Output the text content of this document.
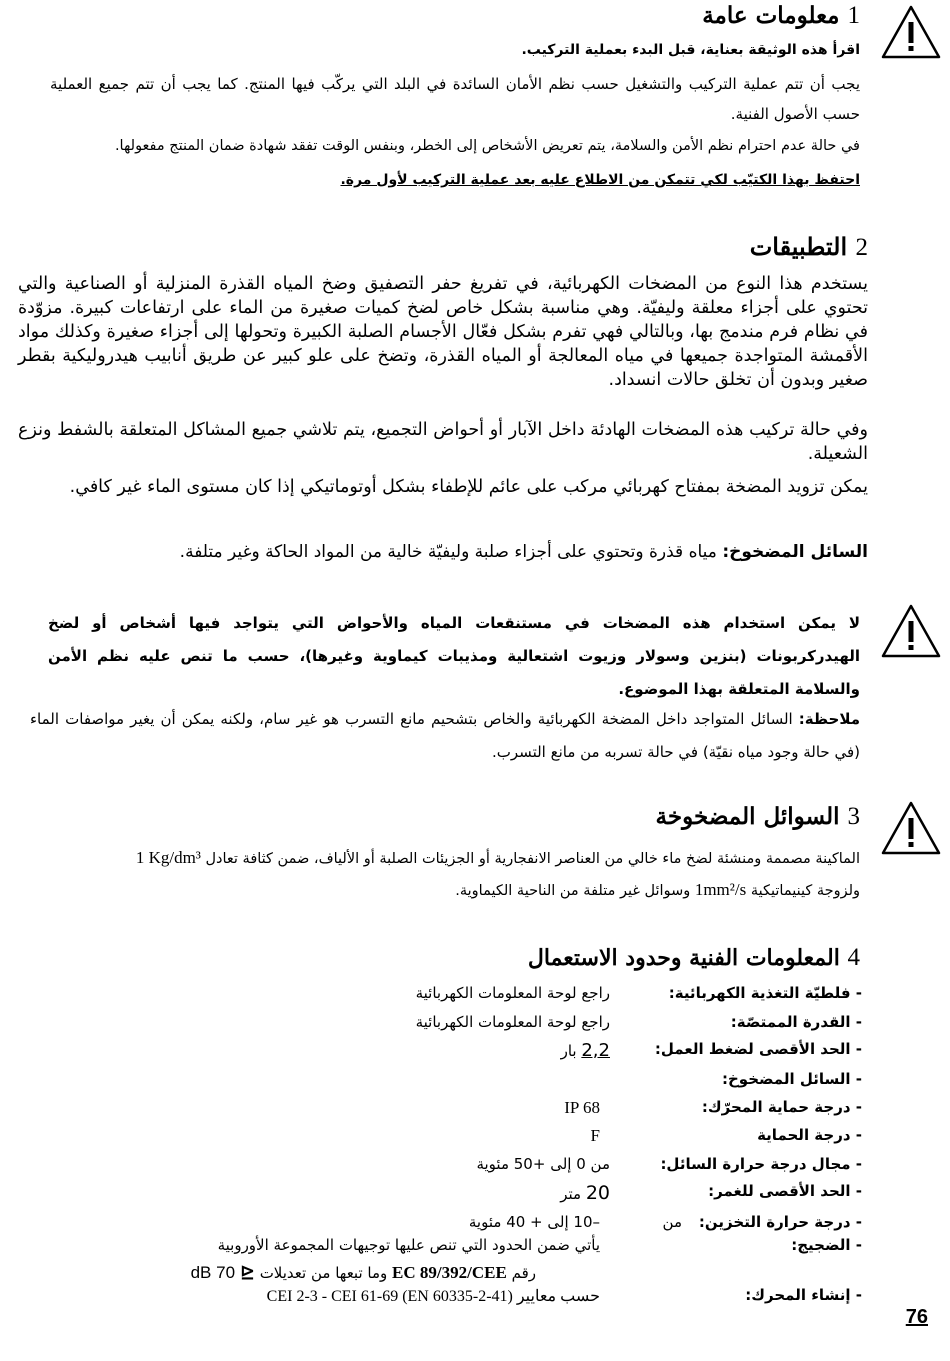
1 معلومات عامة
اقرأ هذه الوثيقة بعناية، قبل البدء بعملية التركيب.
يجب أن تتم عملية التركيب والتشغيل حسب نظم الأمان السائدة في البلد التي يركّب فيها المنتج. كما يجب أن تتم جميع العملية حسب الأصول الفنية.
في حالة عدم احترام نظم الأمن والسلامة، يتم تعريض الأشخاص إلى الخطر، وبنفس الوقت تفقد شهادة ضمان المنتج مفعولها.
احتفظ بهذا الكتيّب لكي تتمكن من الاطلاع عليه بعد عملية التركيب لأول مرة.
2 التطبيقات
يستخدم هذا النوع من المضخات الكهربائية، في تفريغ حفر التصفيق وضخ المياه القذرة المنزلية أو الصناعية والتي تحتوي على أجزاء معلقة وليفيّة. وهي مناسبة بشكل خاص لضخ كميات صغيرة من الماء على ارتفاعات كبيرة. مزوّدة في نظام فرم مندمج بها، وبالتالي فهي تفرم بشكل فعّال الأجسام الصلبة الكبيرة وتحولها إلى أجزاء صغيرة وكذلك مواد الأقمشة المتواجدة جميعها في مياه المعالجة أو المياه القذرة، وتضخ على علو كبير عن طريق أنابيب هيدروليكية بقطر صغير وبدون أن تخلق حالات انسداد.
وفي حالة تركيب هذه المضخات الهادئة داخل الآبار أو أحواض التجميع، يتم تلاشي جميع المشاكل المتعلقة بالشفط ونزع الشعيلة.
يمكن تزويد المضخة بمفتاح كهربائي مركب على عائم للإطفاء بشكل أوتوماتيكي إذا كان مستوى الماء غير كافي.
السائل المضخوخ: مياه قذرة وتحتوي على أجزاء صلبة وليفيّة خالية من المواد الحاكة وغير متلفة.
لا يمكن استخدام هذه المضخات في مستنقعات المياه والأحواض التي يتواجد فيها أشخاص أو لضخ الهيدركربونات (بنزين وسولار وزيوت اشتعالية ومذيبات كيماوية وغيرها)، حسب ما تنص عليه نظم الأمن والسلامة المتعلقة بهذا الموضوع.
ملاحظة: السائل المتواجد داخل المضخة الكهربائية والخاص بتشحيم مانع التسرب هو غير سام، ولكنه يمكن أن يغير مواصفات الماء (في حالة وجود مياه نقيّة) في حالة تسربه من مانع التسرب.
3 السوائل المضخوخة
الماكينة مصممة ومنشئة لضخ ماء خالي من العناصر الانفجارية أو الجزيئات الصلبة أو الألياف، ضمن كثافة تعادل 1 Kg/dm³
ولزوجة كينيماتيكية 1mm²/s وسوائل غير متلفة من الناحية الكيماوية.
4 المعلومات الفنية وحدود الاستعمال
- فلطيّة التغذية الكهربائية:
راجع لوحة المعلومات الكهربائية
- القدرة الممتصّة:
راجع لوحة المعلومات الكهربائية
- الحد الأقصى لضغط العمل:
2,2 بار
- السائل المضخوخ:
- درجة حماية المحرّك:
IP 68
- درجة الحماية
F
- مجال درجة حرارة السائل:
من 0 إلى +50 مئوية
- الحد الأقصى للغمر:
20 متر
- درجة حرارة التخزين:
من
–10 إلى + 40 مئوية
- الضجيج:
يأتي ضمن الحدود التي تنص عليها توجيهات المجموعة الأوروبية
رقم EC 89/392/CEE وما تبعها من تعديلات ⊴ dB 70
- إنشاء المحرك:
حسب معايير (EN 60335-2-41) CEI 2-3 - CEI 61-69
76
